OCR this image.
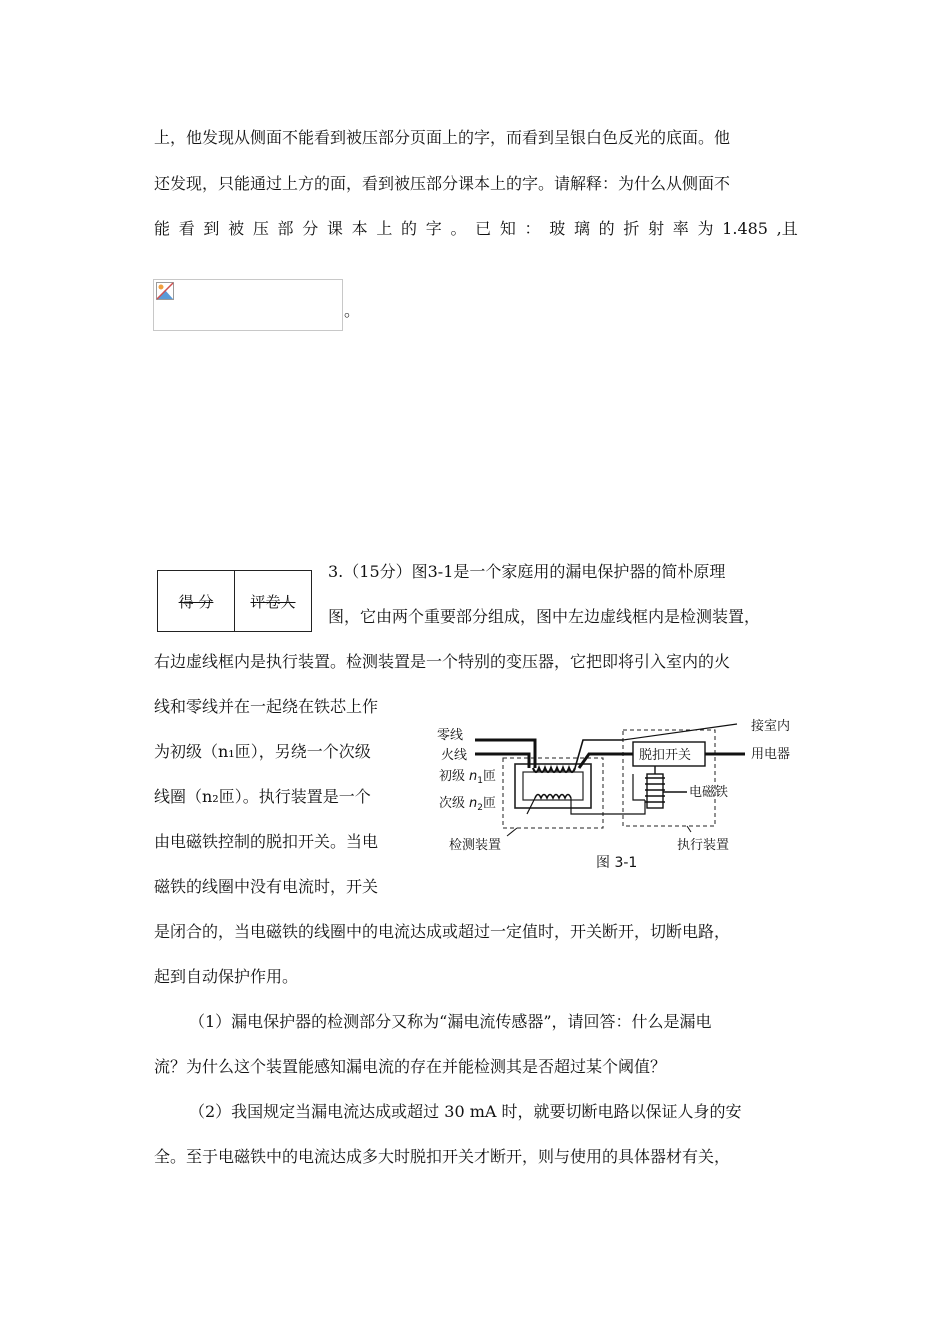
上，他发现从侧面不能看到被压部分页面上的字，而看到呈银白色反光的底面。他
还发现，只能通过上方的面，看到被压部分课本上的字。请解释：为什么从侧面不
能 看 到 被 压 部 分 课 本 上 的 字 。 已 知 ： 玻 璃 的 折 射 率 为 1.485 ,且
。
得 分	评卷人
3.（15分）图3-1是一个家庭用的漏电保护器的简朴原理
图，它由两个重要部分组成，图中左边虚线框内是检测装置，
右边虚线框内是执行装置。检测装置是一个特别的变压器，它把即将引入室内的火
线和零线并在一起绕在铁芯上作
为初级（n₁匝），另绕一个次级
线圈（n₂匝）。执行装置是一个
由电磁铁控制的脱扣开关。当电
磁铁的线圈中没有电流时，开关
零线
火线
初级 $n_1$匝
次级 $n_2$匝
检测装置
脱扣开关
接室内
用电器
电磁铁
执行装置
图 3-1
是闭合的，当电磁铁的线圈中的电流达成或超过一定值时，开关断开，切断电路，
起到自动保护作用。
（1）漏电保护器的检测部分又称为“漏电流传感器”，请回答：什么是漏电
流？为什么这个装置能感知漏电流的存在并能检测其是否超过某个阈值？
（2）我国规定当漏电流达成或超过 30 mA 时，就要切断电路以保证人身的安
全。至于电磁铁中的电流达成多大时脱扣开关才断开，则与使用的具体器材有关，
